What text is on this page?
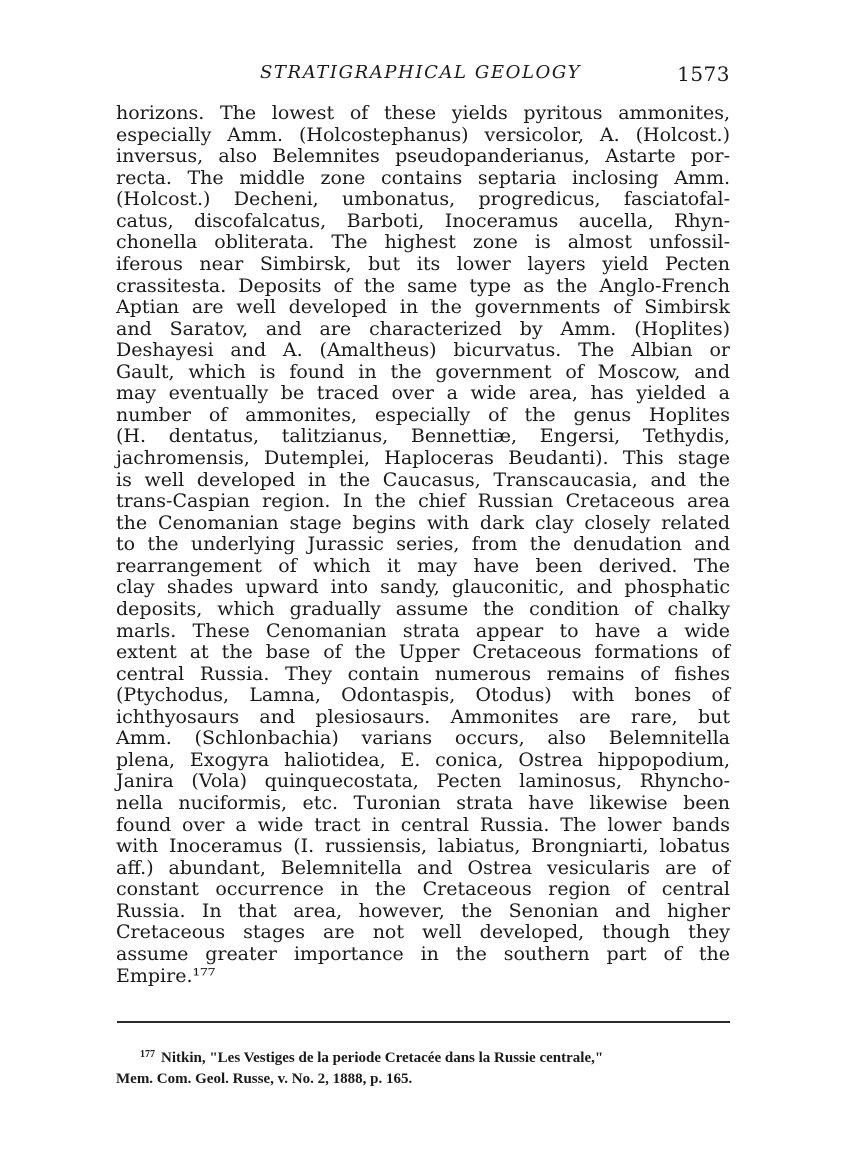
STRATIGRAPHICAL GEOLOGY	1573
horizons. The lowest of these yields pyritous ammonites,
especially Amm. (Holcostephanus) versicolor, A. (Holcost.)
inversus, also Belemnites pseudopanderianus, Astarte por-
recta. The middle zone contains septaria inclosing Amm.
(Holcost.) Decheni, umbonatus, progredicus, fasciatofal-
catus, discofalcatus, Barboti, Inoceramus aucella, Rhyn-
chonella obliterata. The highest zone is almost unfossil-
iferous near Simbirsk, but its lower layers yield Pecten
crassitesta. Deposits of the same type as the Anglo-French
Aptian are well developed in the governments of Simbirsk
and Saratov, and are characterized by Amm. (Hoplites)
Deshayesi and A. (Amaltheus) bicurvatus. The Albian or
Gault, which is found in the government of Moscow, and
may eventually be traced over a wide area, has yielded a
number of ammonites, especially of the genus Hoplites
(H. dentatus, talitzianus, Bennettiæ, Engersi, Tethydis,
jachromensis, Dutemplei, Haploceras Beudanti). This stage
is well developed in the Caucasus, Transcaucasia, and the
trans-Caspian region. In the chief Russian Cretaceous area
the Cenomanian stage begins with dark clay closely related
to the underlying Jurassic series, from the denudation and
rearrangement of which it may have been derived. The
clay shades upward into sandy, glauconitic, and phosphatic
deposits, which gradually assume the condition of chalky
marls. These Cenomanian strata appear to have a wide
extent at the base of the Upper Cretaceous formations of
central Russia. They contain numerous remains of fishes
(Ptychodus, Lamna, Odontaspis, Otodus) with bones of
ichthyosaurs and plesiosaurs. Ammonites are rare, but
Amm. (Schlonbachia) varians occurs, also Belemnitella
plena, Exogyra haliotidea, E. conica, Ostrea hippopodium,
Janira (Vola) quinquecostata, Pecten laminosus, Rhyncho-
nella nuciformis, etc. Turonian strata have likewise been
found over a wide tract in central Russia. The lower bands
with Inoceramus (I. russiensis, labiatus, Brongniarti, lobatus
aff.) abundant, Belemnitella and Ostrea vesicularis are of
constant occurrence in the Cretaceous region of central
Russia. In that area, however, the Senonian and higher
Cretaceous stages are not well developed, though they
assume greater importance in the southern part of the
Empire.¹⁷⁷
$^{177}$ Nitkin, "Les Vestiges de la periode Cretacée dans la Russie centrale,"
Mem. Com. Geol. Russe, v. No. 2, 1888, p. 165.
